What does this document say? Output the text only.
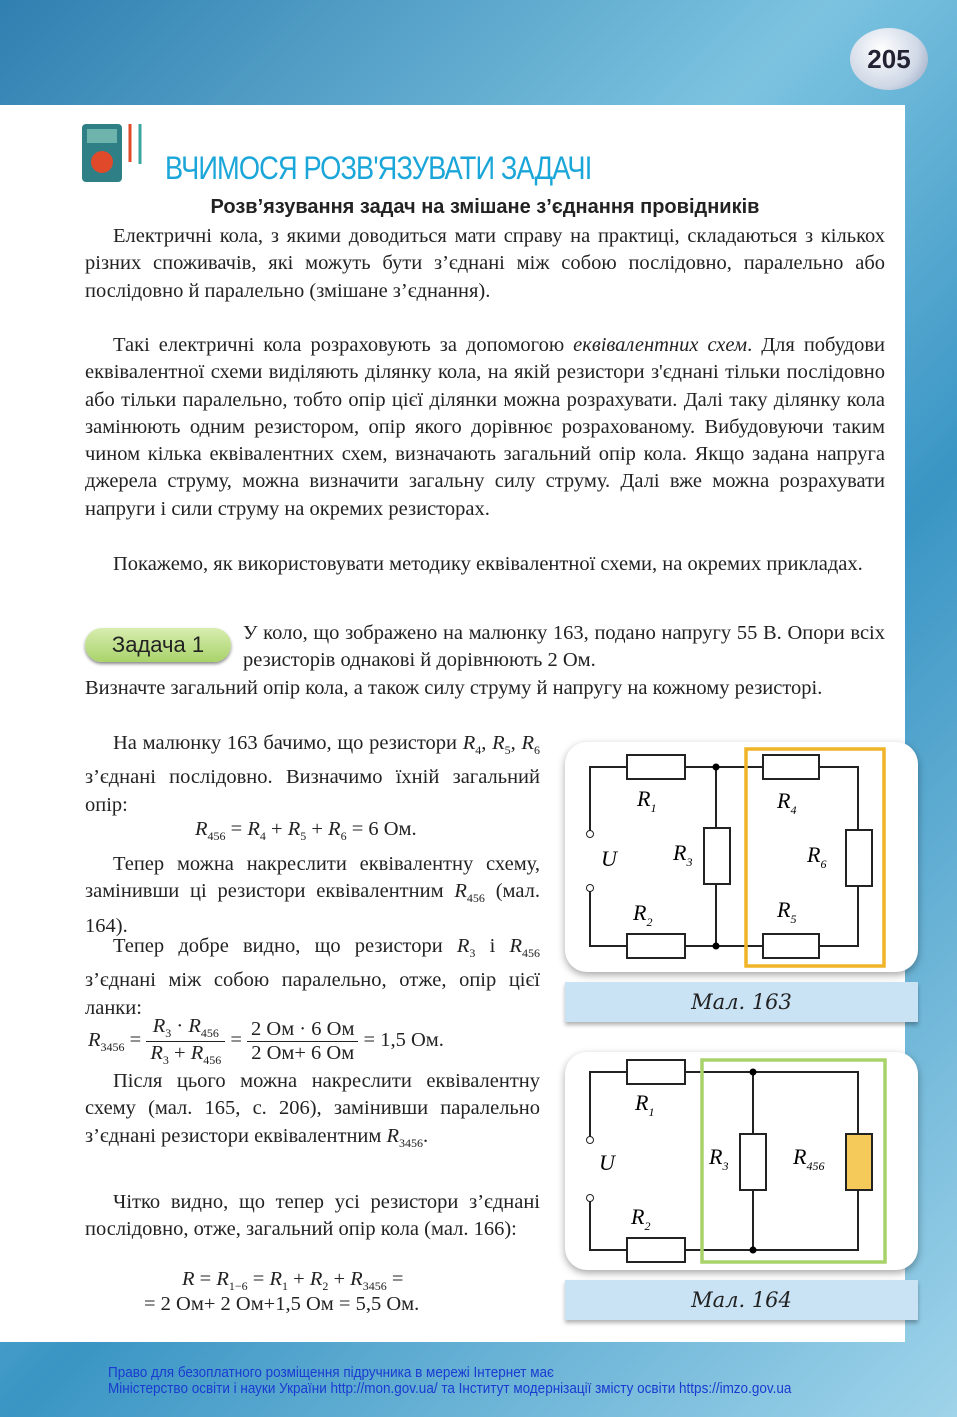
205
ВЧИМОСЯ РОЗВ'ЯЗУВАТИ ЗАДАЧІ
Розв’язування задач на змішане з’єднання провідників
Електричні кола, з якими доводиться мати справу на практиці, складаються з кількох різних споживачів, які можуть бути з’єднані між собою послідовно, паралельно або послідовно й паралельно (змішане з’єднання).
Такі електричні кола розраховують за допомогою еквівалентних схем. Для побудови еквівалентної схеми виділяють ділянку кола, на якій резистори з'єднані тільки послідовно або тільки паралельно, тобто опір цієї ділянки можна розрахувати. Далі таку ділянку кола замінюють одним резистором, опір якого дорівнює розрахованому. Вибудовуючи таким чином кілька еквівалентних схем, визначають загальний опір кола. Якщо задана напруга джерела струму, можна визначити загальну силу струму. Далі вже можна розрахувати напруги і сили струму на окремих резисторах.
Покажемо, як використовувати методику еквівалентної схеми, на окремих прикладах.
Задача 1	У коло, що зображено на малюнку 163, подано напругу 55 В. Опори всіх резисторів однакові й дорівнюють 2 Ом.
Визначте загальний опір кола, а також силу струму й напругу на кожному резисторі.
На малюнку 163 бачимо, що резистори $R_4$, $R_5$, $R_6$ з’єднані послідовно. Визначимо їхній загальний опір:
$R_{456} = R_4 + R_5 + R_6 = 6$ Ом.
Тепер можна накреслити еквівалентну схему, замінивши ці резистори еквівалентним $R_{456}$ (мал. 164).
Тепер добре видно, що резистори $R_3$ і $R_{456}$ з’єднані між собою паралельно, отже, опір цієї ланки:
$R_{3456} = \frac{R_3 \cdot R_{456}}{R_3 + R_{456}} = \frac{2 Ом \cdot 6 Ом}{2 Ом+ 6 Ом} = 1,5$ Ом.
Після цього можна накреслити еквівалентну схему (мал. 165, с. 206), замінивши паралельно з’єднані резистори еквівалентним $R_{3456}$.
Чітко видно, що тепер усі резистори з’єднані послідовно, отже, загальний опір кола (мал. 166):
$R = R_{1-6} = R_1 + R_2 + R_{3456}$ =
= 2 Ом+ 2 Ом+1,5 Ом = 5,5 Ом.
$R_1$
$R_2$
$R_3$
$R_4$
$R_5$
$R_6$
U
Мал. 163
$R_1$
$R_2$
$R_3$	$R_{456}$
U
Мал. 164
Право для безоплатного розміщення підручника в мережі Інтернет має
Міністерство освіти і науки України http://mon.gov.ua/ та Інститут модернізації змісту освіти https://imzo.gov.ua
